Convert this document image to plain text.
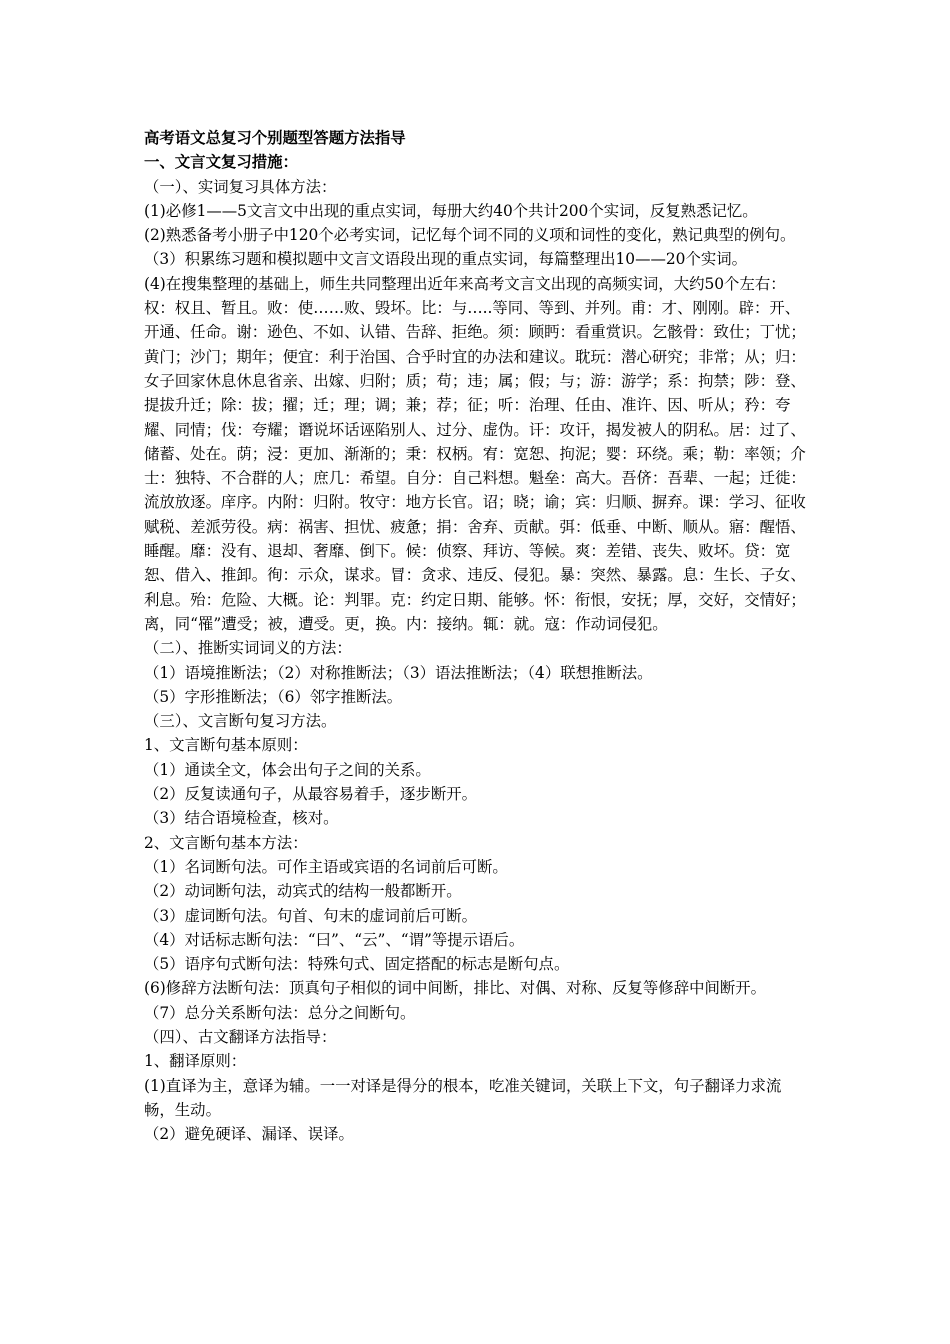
高考语文总复习个别题型答题方法指导
一、文言文复习措施：
（一）、实词复习具体方法：
(1)必修1——5文言文中出现的重点实词，每册大约40个共计200个实词，反复熟悉记忆。
(2)熟悉备考小册子中120个必考实词，记忆每个词不同的义项和词性的变化，熟记典型的例句。
（3）积累练习题和模拟题中文言文语段出现的重点实词，每篇整理出10——20个实词。
(4)在搜集整理的基础上，师生共同整理出近年来高考文言文出现的高频实词，大约50个左右：权：权且、暂且。败：使……败、毁坏。比：与…..等同、等到、并列。甫：才、刚刚。辟：开、开通、任命。谢：逊色、不如、认错、告辞、拒绝。须：顾眄：看重赏识。乞骸骨：致仕；丁忧；黄门；沙门；期年；便宜：利于治国、合乎时宜的办法和建议。耽玩：潜心研究；非常；从；归：女子回家休息休息省亲、出嫁、归附；质；苟；违；属；假；与；游：游学；系：拘禁；陟：登、提拔升迁；除：拔；擢；迁；理；调；兼；荐；征；听：治理、任由、准许、因、听从；矜：夸耀、同情；伐：夸耀；谮说坏话诬陷别人、过分、虚伪。讦：攻讦，揭发被人的阴私。居：过了、储蓄、处在。荫；浸：更加、渐渐的；秉：权柄。宥：宽恕、拘泥；婴：环绕。乘；勒：率领；介士：独特、不合群的人；庶几：希望。自分：自己料想。魁垒：高大。吾侪：吾辈、一起；迁徙：流放放逐。庠序。内附：归附。牧守：地方长官。诏；晓；谕；宾：归顺、摒弃。课：学习、征收赋税、差派劳役。病：祸害、担忧、疲惫；捐：舍弃、贡献。弭：低垂、中断、顺从。寤：醒悟、睡醒。靡：没有、退却、奢靡、倒下。候：侦察、拜访、等候。爽：差错、丧失、败坏。贷：宽恕、借入、推卸。徇：示众，谋求。冒：贪求、违反、侵犯。暴：突然、暴露。息：生长、子女、利息。殆：危险、大概。论：判罪。克：约定日期、能够。怀：衔恨，安抚；厚，交好，交情好；离，同“罹”遭受；被，遭受。更，换。内：接纳。辄：就。寇：作动词侵犯。
（二）、推断实词词义的方法：
（1）语境推断法；（2）对称推断法；（3）语法推断法；（4）联想推断法。
（5）字形推断法；（6）邻字推断法。
（三）、文言断句复习方法。
1、文言断句基本原则：
（1）通读全文，体会出句子之间的关系。
（2）反复读通句子，从最容易着手，逐步断开。
（3）结合语境检查，核对。
2、文言断句基本方法：
（1）名词断句法。可作主语或宾语的名词前后可断。
（2）动词断句法，动宾式的结构一般都断开。
（3）虚词断句法。句首、句末的虚词前后可断。
（4）对话标志断句法：“曰”、“云”、“谓”等提示语后。
（5）语序句式断句法：特殊句式、固定搭配的标志是断句点。
(6)修辞方法断句法：顶真句子相似的词中间断，排比、对偶、对称、反复等修辞中间断开。
（7）总分关系断句法：总分之间断句。
（四）、古文翻译方法指导：
1、翻译原则：
(1)直译为主，意译为辅。一一对译是得分的根本，吃准关键词，关联上下文，句子翻译力求流畅，生动。
（2）避免硬译、漏译、误译。
